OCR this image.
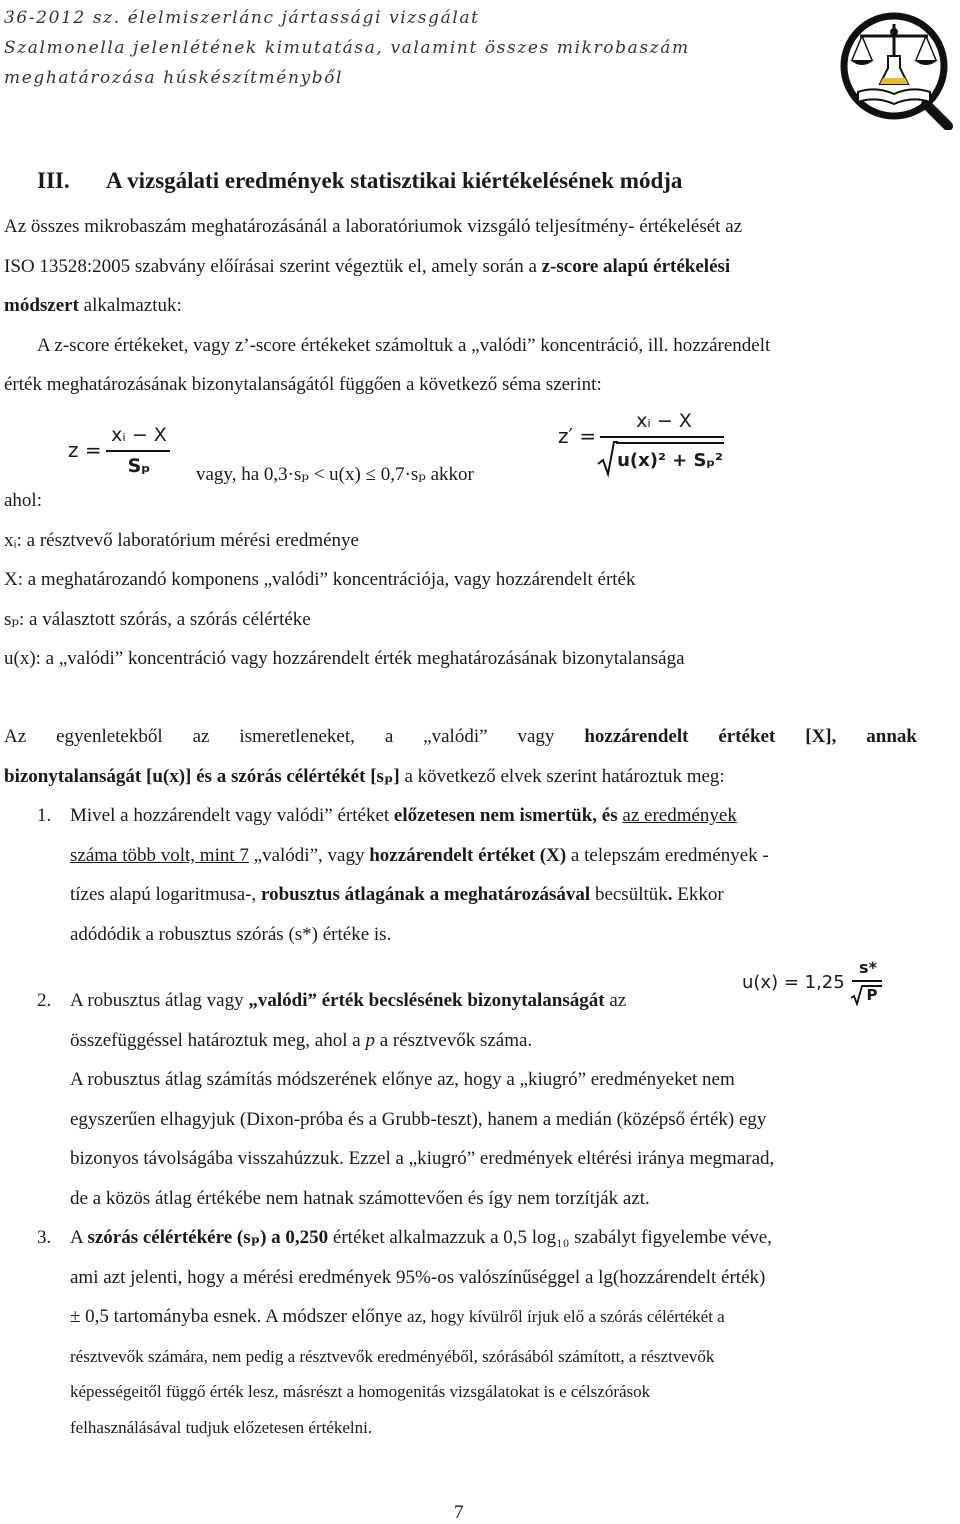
36-2012 sz. élelmiszerlánc jártassági vizsgálat
Szalmonella jelenlétének kimutatása, valamint összes mikrobaszám
meghatározása húskészítményből
III. A vizsgálati eredmények statisztikai kiértékelésének módja
Az összes mikrobaszám meghatározásánál a laboratóriumok vizsgáló teljesítmény- értékelését az
ISO 13528:2005 szabvány előírásai szerint végeztük el, amely során a z-score alapú értékelési
módszert alkalmaztuk:
A z-score értékeket, vagy z’-score értékeket számoltuk a „valódi” koncentráció, ill. hozzárendelt
érték meghatározásának bizonytalanságától függően a következő séma szerint:
z =
xᵢ − X
Sₚ	vagy, ha 0,3·sₚ < u(x) ≤ 0,7·sₚ akkor
z′ =
xᵢ − X
u(x)² + Sₚ²
ahol:
xᵢ: a résztvevő laboratórium mérési eredménye
X: a meghatározandó komponens „valódi” koncentrációja, vagy hozzárendelt érték
sₚ: a választott szórás, a szórás célértéke
u(x): a „valódi” koncentráció vagy hozzárendelt érték meghatározásának bizonytalansága
Az egyenletekből az ismeretleneket, a „valódi” vagy hozzárendelt értéket [X], annak
bizonytalanságát [u(x)] és a szórás célértékét [sₚ] a következő elvek szerint határoztuk meg:
1. Mivel a hozzárendelt vagy valódi” értéket előzetesen nem ismertük, és az eredmények
száma több volt, mint 7 „valódi”, vagy hozzárendelt értéket (X) a telepszám eredmények -
tízes alapú logaritmusa-, robusztus átlagának a meghatározásával becsültük. Ekkor
adódódik a robusztus szórás (s*) értéke is.
2. A robusztus átlag vagy „valódi” érték becslésének bizonytalanságát az
u(x) = 1,25
s*
P
összefüggéssel határoztuk meg, ahol a p a résztvevők száma.
A robusztus átlag számítás módszerének előnye az, hogy a „kiugró” eredményeket nem
egyszerűen elhagyjuk (Dixon-próba és a Grubb-teszt), hanem a medián (középső érték) egy
bizonyos távolságába visszahúzzuk. Ezzel a „kiugró” eredmények eltérési iránya megmarad,
de a közös átlag értékébe nem hatnak számottevően és így nem torzítják azt.
3. A szórás célértékére (sₚ) a 0,250 értéket alkalmazzuk a 0,5 log₁₀ szabályt figyelembe véve,
ami azt jelenti, hogy a mérési eredmények 95%-os valószínűséggel a lg(hozzárendelt érték)
± 0,5 tartományba esnek. A módszer előnye az, hogy kívülről írjuk elő a szórás célértékét a
résztvevők számára, nem pedig a résztvevők eredményéből, szórásából számított, a résztvevők
képességeitől függő érték lesz, másrészt a homogenitás vizsgálatokat is e célszórások
felhasználásával tudjuk előzetesen értékelni.
7
